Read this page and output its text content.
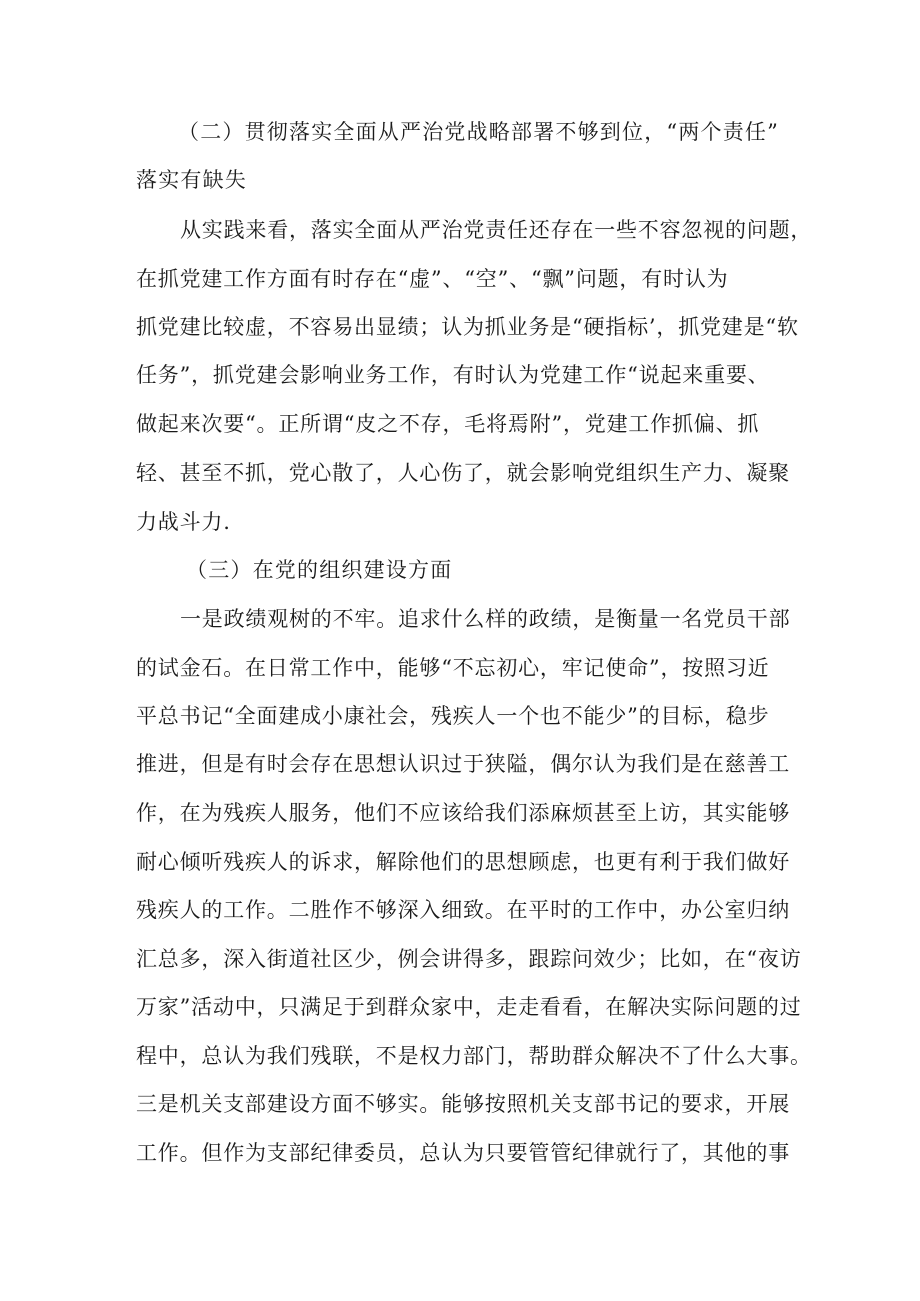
（二）贯彻落实全面从严治党战略部署不够到位，“两个责任”

落实有缺失

从实践来看，落实全面从严治党责任还存在一些不容忽视的问题，

在抓党建工作方面有时存在“虚”、“空”、“飘”问题，有时认为

抓党建比较虚，不容易出显绩；认为抓业务是“硬指标’，抓党建是“软

任务”，抓党建会影响业务工作，有时认为党建工作“说起来重要、

做起来次要“。正所谓“皮之不存，毛将焉附”，党建工作抓偏、抓

轻、甚至不抓，党心散了，人心伤了，就会影响党组织生产力、凝聚

力战斗力.

（三）在党的组织建设方面

一是政绩观树的不牢。追求什么样的政绩，是衡量一名党员干部

的试金石。在日常工作中，能够“不忘初心，牢记使命”，按照习近

平总书记“全面建成小康社会，残疾人一个也不能少”的目标，稳步

推进，但是有时会存在思想认识过于狭隘，偶尔认为我们是在慈善工

作，在为残疾人服务，他们不应该给我们添麻烦甚至上访，其实能够

耐心倾听残疾人的诉求，解除他们的思想顾虑，也更有利于我们做好

残疾人的工作。二胜作不够深入细致。在平时的工作中，办公室归纳

汇总多，深入街道社区少，例会讲得多，跟踪问效少；比如，在“夜访

万家”活动中，只满足于到群众家中，走走看看，在解决实际问题的过

程中，总认为我们残联，不是权力部门，帮助群众解决不了什么大事。

三是机关支部建设方面不够实。能够按照机关支部书记的要求，开展

工作。但作为支部纪律委员，总认为只要管管纪律就行了，其他的事
